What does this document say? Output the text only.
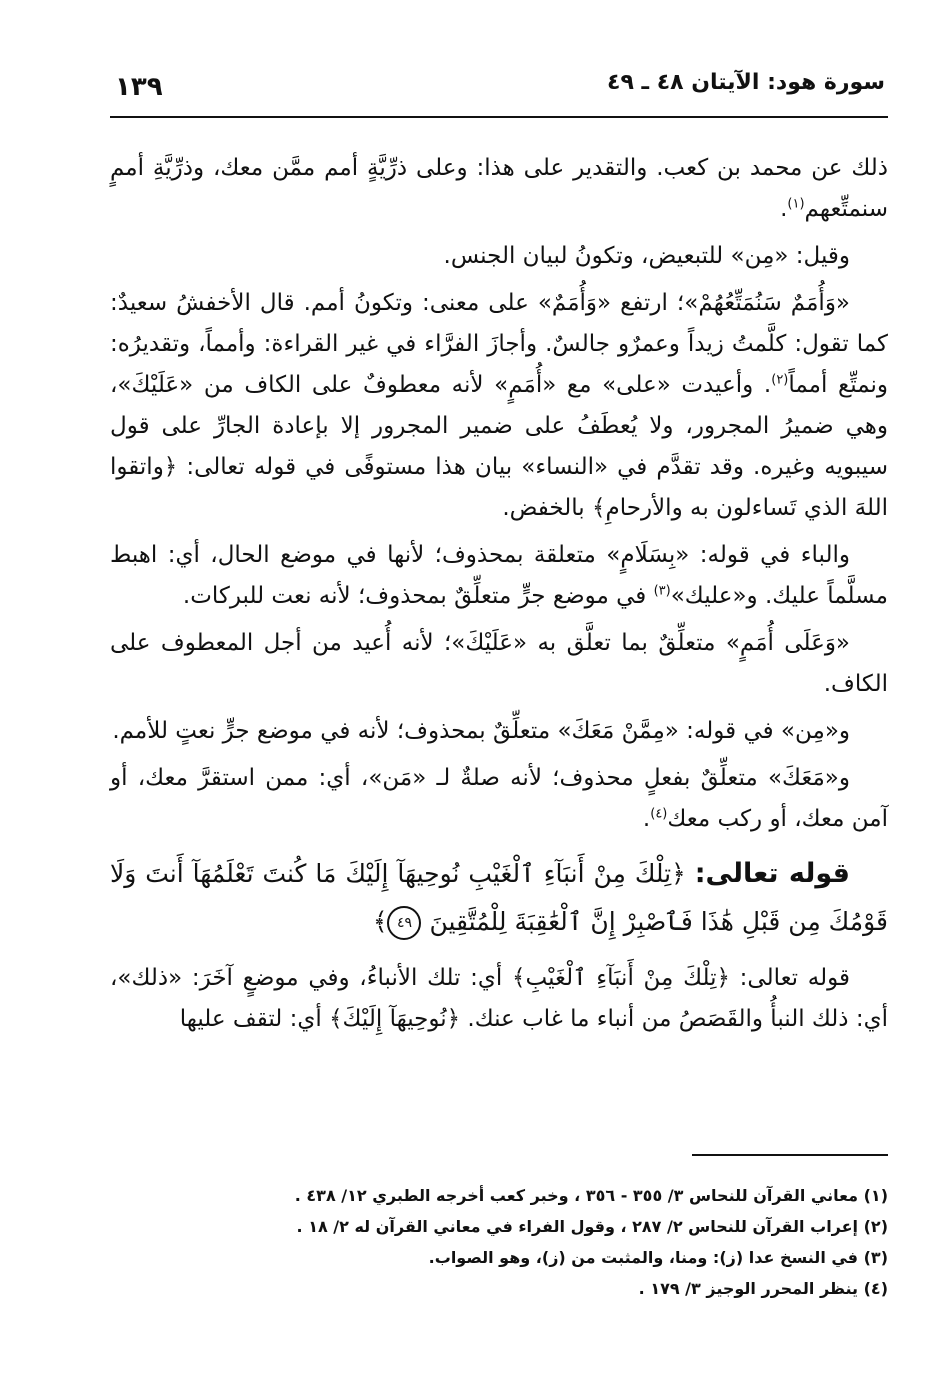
سورة هود: الآيتان ٤٨ ـ ٤٩
١٣٩

ذلك عن محمد بن كعب. والتقدير على هذا: وعلى ذرِّيَّةٍ أمم ممَّن معك، وذرِّيَّةِ أممٍ سنمتِّعهم$^{(١)}$.

وقيل: «مِن» للتبعيض، وتكونُ لبيان الجنس.

«وَأُمَمٌ سَنُمَتِّعُهُمْ»؛ ارتفع «وَأُمَمٌ» على معنى: وتكونُ أمم. قال الأخفشُ سعيدٌ: كما تقول: كلَّمتُ زيداً وعمرٌو جالسٌ. وأجازَ الفرَّاء في غير القراءة: وأمماً، وتقديرُه: ونمتِّع أمماً$^{(٢)}$. وأعيدت «على» مع «أُمَمٍ» لأنه معطوفٌ على الكاف من «عَلَيْكَ»، وهي ضميرُ المجرور، ولا يُعطَفُ على ضمير المجرور إلا بإعادة الجارِّ على قول سيبويه وغيره. وقد تقدَّم في «النساء» بيان هذا مستوفًى في قوله تعالى: ﴿واتقوا اللهَ الذي تَساءلون به والأرحامِ﴾ بالخفض.

والباء في قوله: «بِسَلَامٍ» متعلقة بمحذوف؛ لأنها في موضع الحال، أي: اهبط مسلَّماً عليك. و«عليك»$^{(٣)}$ في موضع جرٍّ متعلِّقٌ بمحذوف؛ لأنه نعت للبركات.

«وَعَلَى أُمَمٍ» متعلِّقٌ بما تعلَّق به «عَلَيْكَ»؛ لأنه أُعيد من أجل المعطوف على الكاف.

و«مِن» في قوله: «مِمَّنْ مَعَكَ» متعلِّقٌ بمحذوف؛ لأنه في موضع جرٍّ نعتٍ للأمم.

و«مَعَكَ» متعلِّقٌ بفعلٍ محذوف؛ لأنه صلةٌ لـ «مَن»، أي: ممن استقرَّ معك، أو آمن معك، أو ركب معك$^{(٤)}$.

قوله تعالى: ﴿تِلْكَ مِنْ أَنبَآءِ ٱلْغَيْبِ نُوحِيهَآ إِلَيْكَ مَا كُنتَ تَعْلَمُهَآ أَنتَ وَلَا قَوْمُكَ مِن قَبْلِ هَٰذَا فَٱصْبِرْ إِنَّ ٱلْعَٰقِبَةَ لِلْمُتَّقِينَ ٤٩﴾

قوله تعالى: ﴿تِلْكَ مِنْ أَنبَآءِ ٱلْغَيْبِ﴾ أي: تلك الأنباءُ، وفي موضعٍ آخَرَ: «ذلك»، أي: ذلك النبأُ والقَصَصُ من أنباء ما غاب عنك. ﴿نُوحِيهَآ إِلَيْكَ﴾ أي: لتقف عليها

(١) معاني القرآن للنحاس ٣/ ٣٥٥ - ٣٥٦ ، وخبر كعب أخرجه الطبري ١٢/ ٤٣٨ .

(٢) إعراب القرآن للنحاس ٢/ ٢٨٧ ، وقول الفراء في معاني القرآن له ٢/ ١٨ .

(٣) في النسخ عدا (ز): ومنا، والمثبت من (ز)، وهو الصواب.

(٤) ينظر المحرر الوجيز ٣/ ١٧٩ .
